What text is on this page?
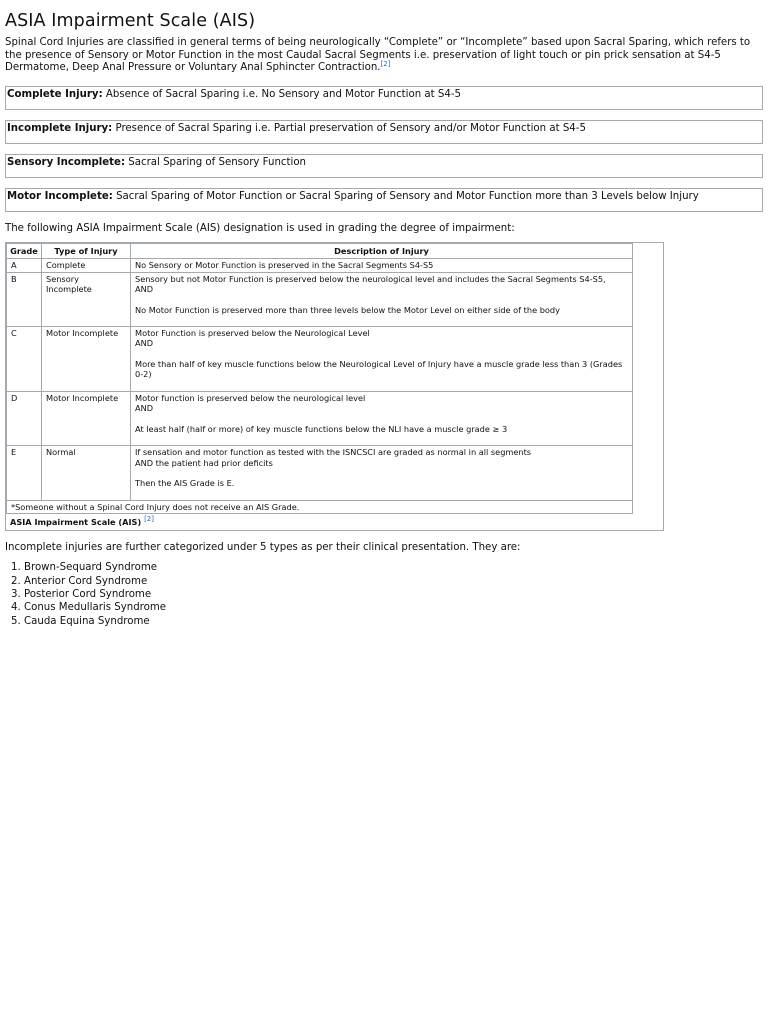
ASIA Impairment Scale (AIS)

Spinal Cord Injuries are classified in general terms of being neurologically “Complete” or “Incomplete” based upon Sacral Sparing, which refers to the presence of Sensory or Motor Function in the most Caudal Sacral Segments i.e. preservation of light touch or pin prick sensation at S4-5 Dermatome, Deep Anal Pressure or Voluntary Anal Sphincter Contraction.[2]

Complete Injury: Absence of Sacral Sparing i.e. No Sensory and Motor Function at S4-5
Incomplete Injury: Presence of Sacral Sparing i.e. Partial preservation of Sensory and/or Motor Function at S4-5
Sensory Incomplete: Sacral Sparing of Sensory Function
Motor Incomplete: Sacral Sparing of Motor Function or Sacral Sparing of Sensory and Motor Function more than 3 Levels below Injury

The following ASIA Impairment Scale (AIS) designation is used in grading the degree of impairment:

Grade	Type of Injury	Description of Injury
A	Complete	No Sensory or Motor Function is preserved in the Sacral Segments S4-S5

B	Sensory Incomplete	Sensory but not Motor Function is preserved below the neurological level and includes the Sacral Segments S4-S5,
AND
No Motor Function is preserved more than three levels below the Motor Level on either side of the body

C	Motor Incomplete	Motor Function is preserved below the Neurological Level
AND
More than half of key muscle functions below the Neurological Level of Injury have a muscle grade less than 3 (Grades 0-2)

D	Motor Incomplete	Motor function is preserved below the neurological level
AND
At least half (half or more) of key muscle functions below the NLI have a muscle grade ≥ 3

E	Normal	If sensation and motor function as tested with the ISNCSCI are graded as normal in all segments
AND the patient had prior deficits
Then the AIS Grade is E.

*Someone without a Spinal Cord Injury does not receive an AIS Grade.		
ASIA Impairment Scale (AIS) [2]

Incomplete injuries are further categorized under 5 types as per their clinical presentation. They are:

1. Brown-Sequard Syndrome
2. Anterior Cord Syndrome
3. Posterior Cord Syndrome
4. Conus Medullaris Syndrome
5. Cauda Equina Syndrome
